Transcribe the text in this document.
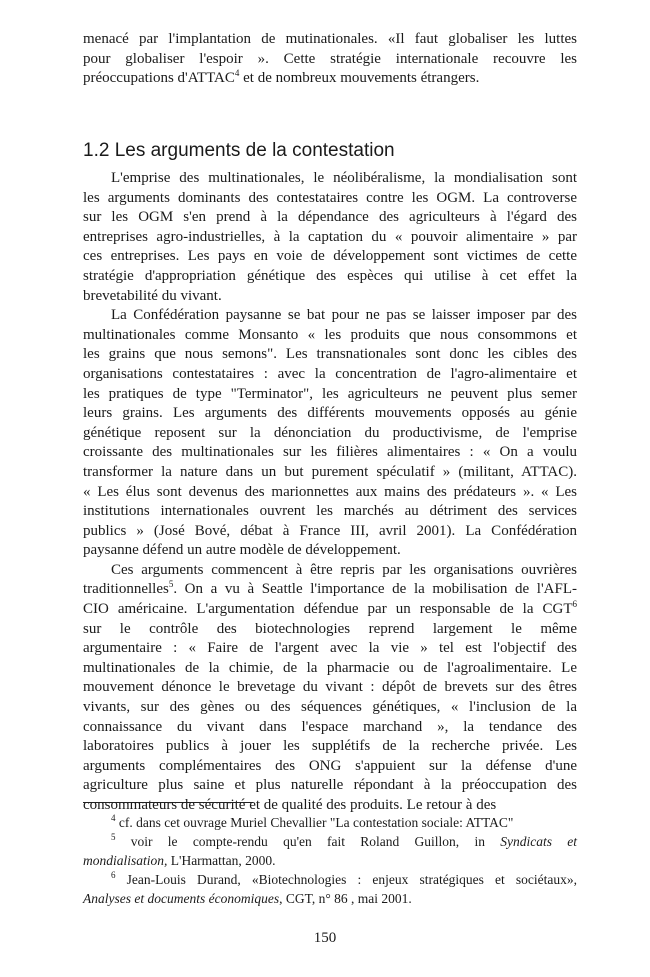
menacé par l'implantation de mutinationales. «Il faut globaliser les luttes
pour globaliser l'espoir ». Cette stratégie internationale recouvre les
préoccupations d'ATTAC$^4$ et de nombreux mouvements étrangers.
1.2 Les arguments de la contestation
L'emprise des multinationales, le néolibéralisme, la mondialisation sont
les arguments dominants des contestataires contre les OGM. La controverse
sur les OGM s'en prend à la dépendance des agriculteurs à l'égard des
entreprises agro-industrielles, à la captation du « pouvoir alimentaire » par
ces entreprises. Les pays en voie de développement sont victimes de cette
stratégie d'appropriation génétique des espèces qui utilise à cet effet la
brevetabilité du vivant.
La Confédération paysanne se bat pour ne pas se laisser imposer par des
multinationales comme Monsanto « les produits que nous consommons et
les grains que nous semons". Les transnationales sont donc les cibles des
organisations contestataires : avec la concentration de l'agro-alimentaire et
les pratiques de type "Terminator", les agriculteurs ne peuvent plus semer
leurs grains. Les arguments des différents mouvements opposés au génie
génétique reposent sur la dénonciation du productivisme, de l'emprise
croissante des multinationales sur les filières alimentaires : « On a voulu
transformer la nature dans un but purement spéculatif » (militant, ATTAC).
« Les élus sont devenus des marionnettes aux mains des prédateurs ». « Les
institutions internationales ouvrent les marchés au détriment des services
publics » (José Bové, débat à France III, avril 2001). La Confédération
paysanne défend un autre modèle de développement.
Ces arguments commencent à être repris par les organisations ouvrières
traditionnelles$^5$. On a vu à Seattle l'importance de la mobilisation de l'AFL-
CIO américaine. L'argumentation défendue par un responsable de la CGT$^6$
sur le contrôle des biotechnologies reprend largement le même
argumentaire : « Faire de l'argent avec la vie » tel est l'objectif des
multinationales de la chimie, de la pharmacie ou de l'agroalimentaire. Le
mouvement dénonce le brevetage du vivant : dépôt de brevets sur des êtres
vivants, sur des gènes ou des séquences génétiques, « l'inclusion de la
connaissance du vivant dans l'espace marchand », la tendance des
laboratoires publics à jouer les supplétifs de la recherche privée. Les
arguments complémentaires des ONG s'appuient sur la défense d'une
agriculture plus saine et plus naturelle répondant à la préoccupation des
consommateurs de sécurité et de qualité des produits. Le retour à des
$^4$ cf. dans cet ouvrage Muriel Chevallier "La contestation sociale: ATTAC"
$^5$ voir le compte-rendu qu'en fait Roland Guillon, in Syndicats et
mondialisation, L'Harmattan, 2000.
$^6$ Jean-Louis Durand, «Biotechnologies : enjeux stratégiques et sociétaux»,
Analyses et documents économiques, CGT, n° 86 , mai 2001.
150
